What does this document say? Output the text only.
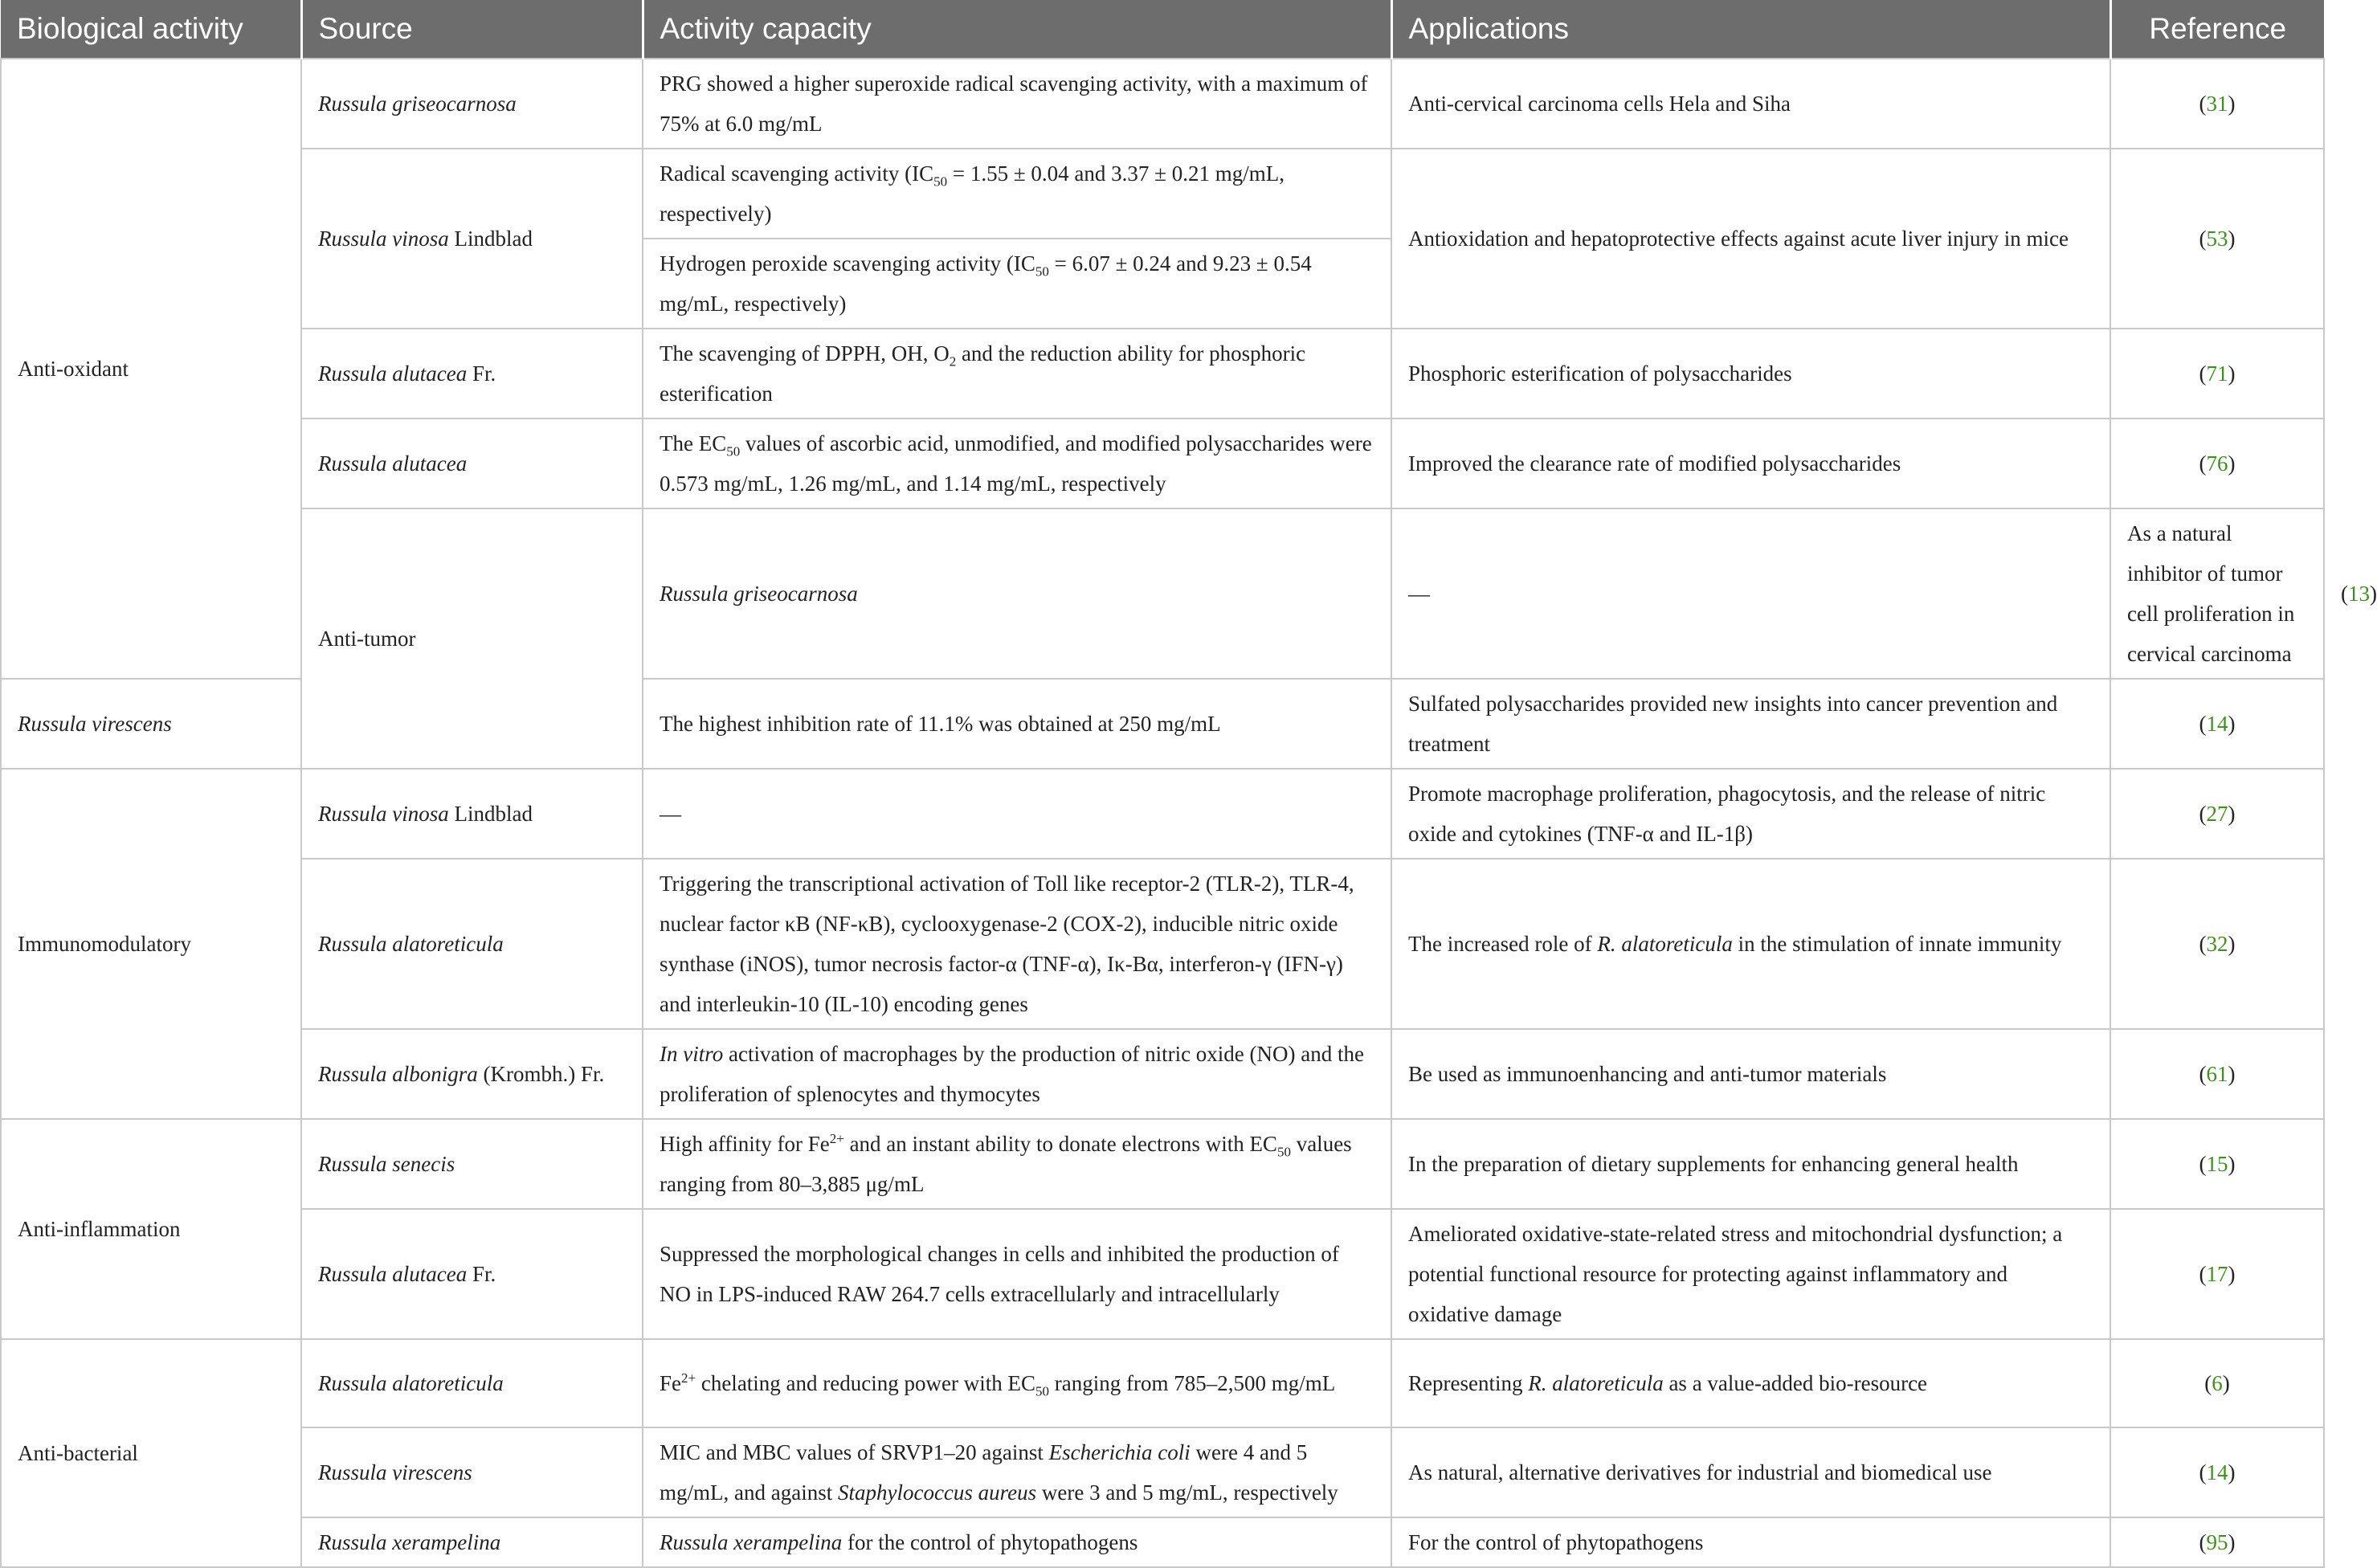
Biological activity	Source	Activity capacity	Applications	Reference	
Anti-oxidant	Russula griseocarnosa	PRG showed a higher superoxide radical scavenging activity, with a maximum of 75% at 6.0 mg/mL	Anti-cervical carcinoma cells Hela and Siha	(31)	
	Russula vinosa Lindblad	Radical scavenging activity ($IC_{50} = 1.55 \pm 0.04$ and 3.37 ± 0.21 mg/mL, respectively)	Antioxidation and hepatoprotective effects against acute liver injury in mice	(53)	
		Hydrogen peroxide scavenging activity ($IC_{50} = 6.07 \pm 0.24$ and 9.23 ± 0.54 mg/mL, respectively)			
	Russula alutacea Fr.	The scavenging of DPPH, OH, $O_2$ and the reduction ability for phosphoric esterification	Phosphoric esterification of polysaccharides	(71)	
	Russula alutacea	The $EC_{50}$ values of ascorbic acid, unmodified, and modified polysaccharides were 0.573 mg/mL, 1.26 mg/mL, and 1.14 mg/mL, respectively	Improved the clearance rate of modified polysaccharides	(76)	
	Anti-tumor	Russula griseocarnosa	—	As a natural inhibitor of tumor cell proliferation in cervical carcinoma	(13)
Russula virescens		The highest inhibition rate of 11.1% was obtained at 250 mg/mL	Sulfated polysaccharides provided new insights into cancer prevention and treatment	(14)	
Immunomodulatory	Russula vinosa Lindblad	—	Promote macrophage proliferation, phagocytosis, and the release of nitric oxide and cytokines (TNF-α and IL-1β)	(27)	
	Russula alatoreticula	Triggering the transcriptional activation of Toll like receptor-2 (TLR-2), TLR-4, nuclear factor κB (NF-κB), cyclooxygenase-2 (COX-2), inducible nitric oxide synthase (iNOS), tumor necrosis factor-α (TNF-α), Iκ-Bα, interferon-γ (IFN-γ) and interleukin-10 (IL-10) encoding genes	The increased role of R. alatoreticula in the stimulation of innate immunity	(32)	
	Russula albonigra (Krombh.) Fr.	In vitro activation of macrophages by the production of nitric oxide (NO) and the proliferation of splenocytes and thymocytes	Be used as immunoenhancing and anti-tumor materials	(61)	
Anti-inflammation	Russula senecis	High affinity for $Fe^{2+}$ and an instant ability to donate electrons with $EC_{50}$ values ranging from 80–3,885 μg/mL	In the preparation of dietary supplements for enhancing general health	(15)	
	Russula alutacea Fr.	Suppressed the morphological changes in cells and inhibited the production of NO in LPS-induced RAW 264.7 cells extracellularly and intracellularly	Ameliorated oxidative-state-related stress and mitochondrial dysfunction; a potential functional resource for protecting against inflammatory and oxidative damage	(17)	
Anti-bacterial	Russula alatoreticula	$Fe^{2+}$ chelating and reducing power with $EC_{50}$ ranging from 785–2,500 mg/mL	Representing R. alatoreticula as a value-added bio-resource	(6)	
	Russula virescens	MIC and MBC values of SRVP1–20 against Escherichia coli were 4 and 5 mg/mL, and against Staphylococcus aureus were 3 and 5 mg/mL, respectively	As natural, alternative derivatives for industrial and biomedical use	(14)	
	Russula xerampelina	Russula xerampelina for the control of phytopathogens	For the control of phytopathogens	(95)	
